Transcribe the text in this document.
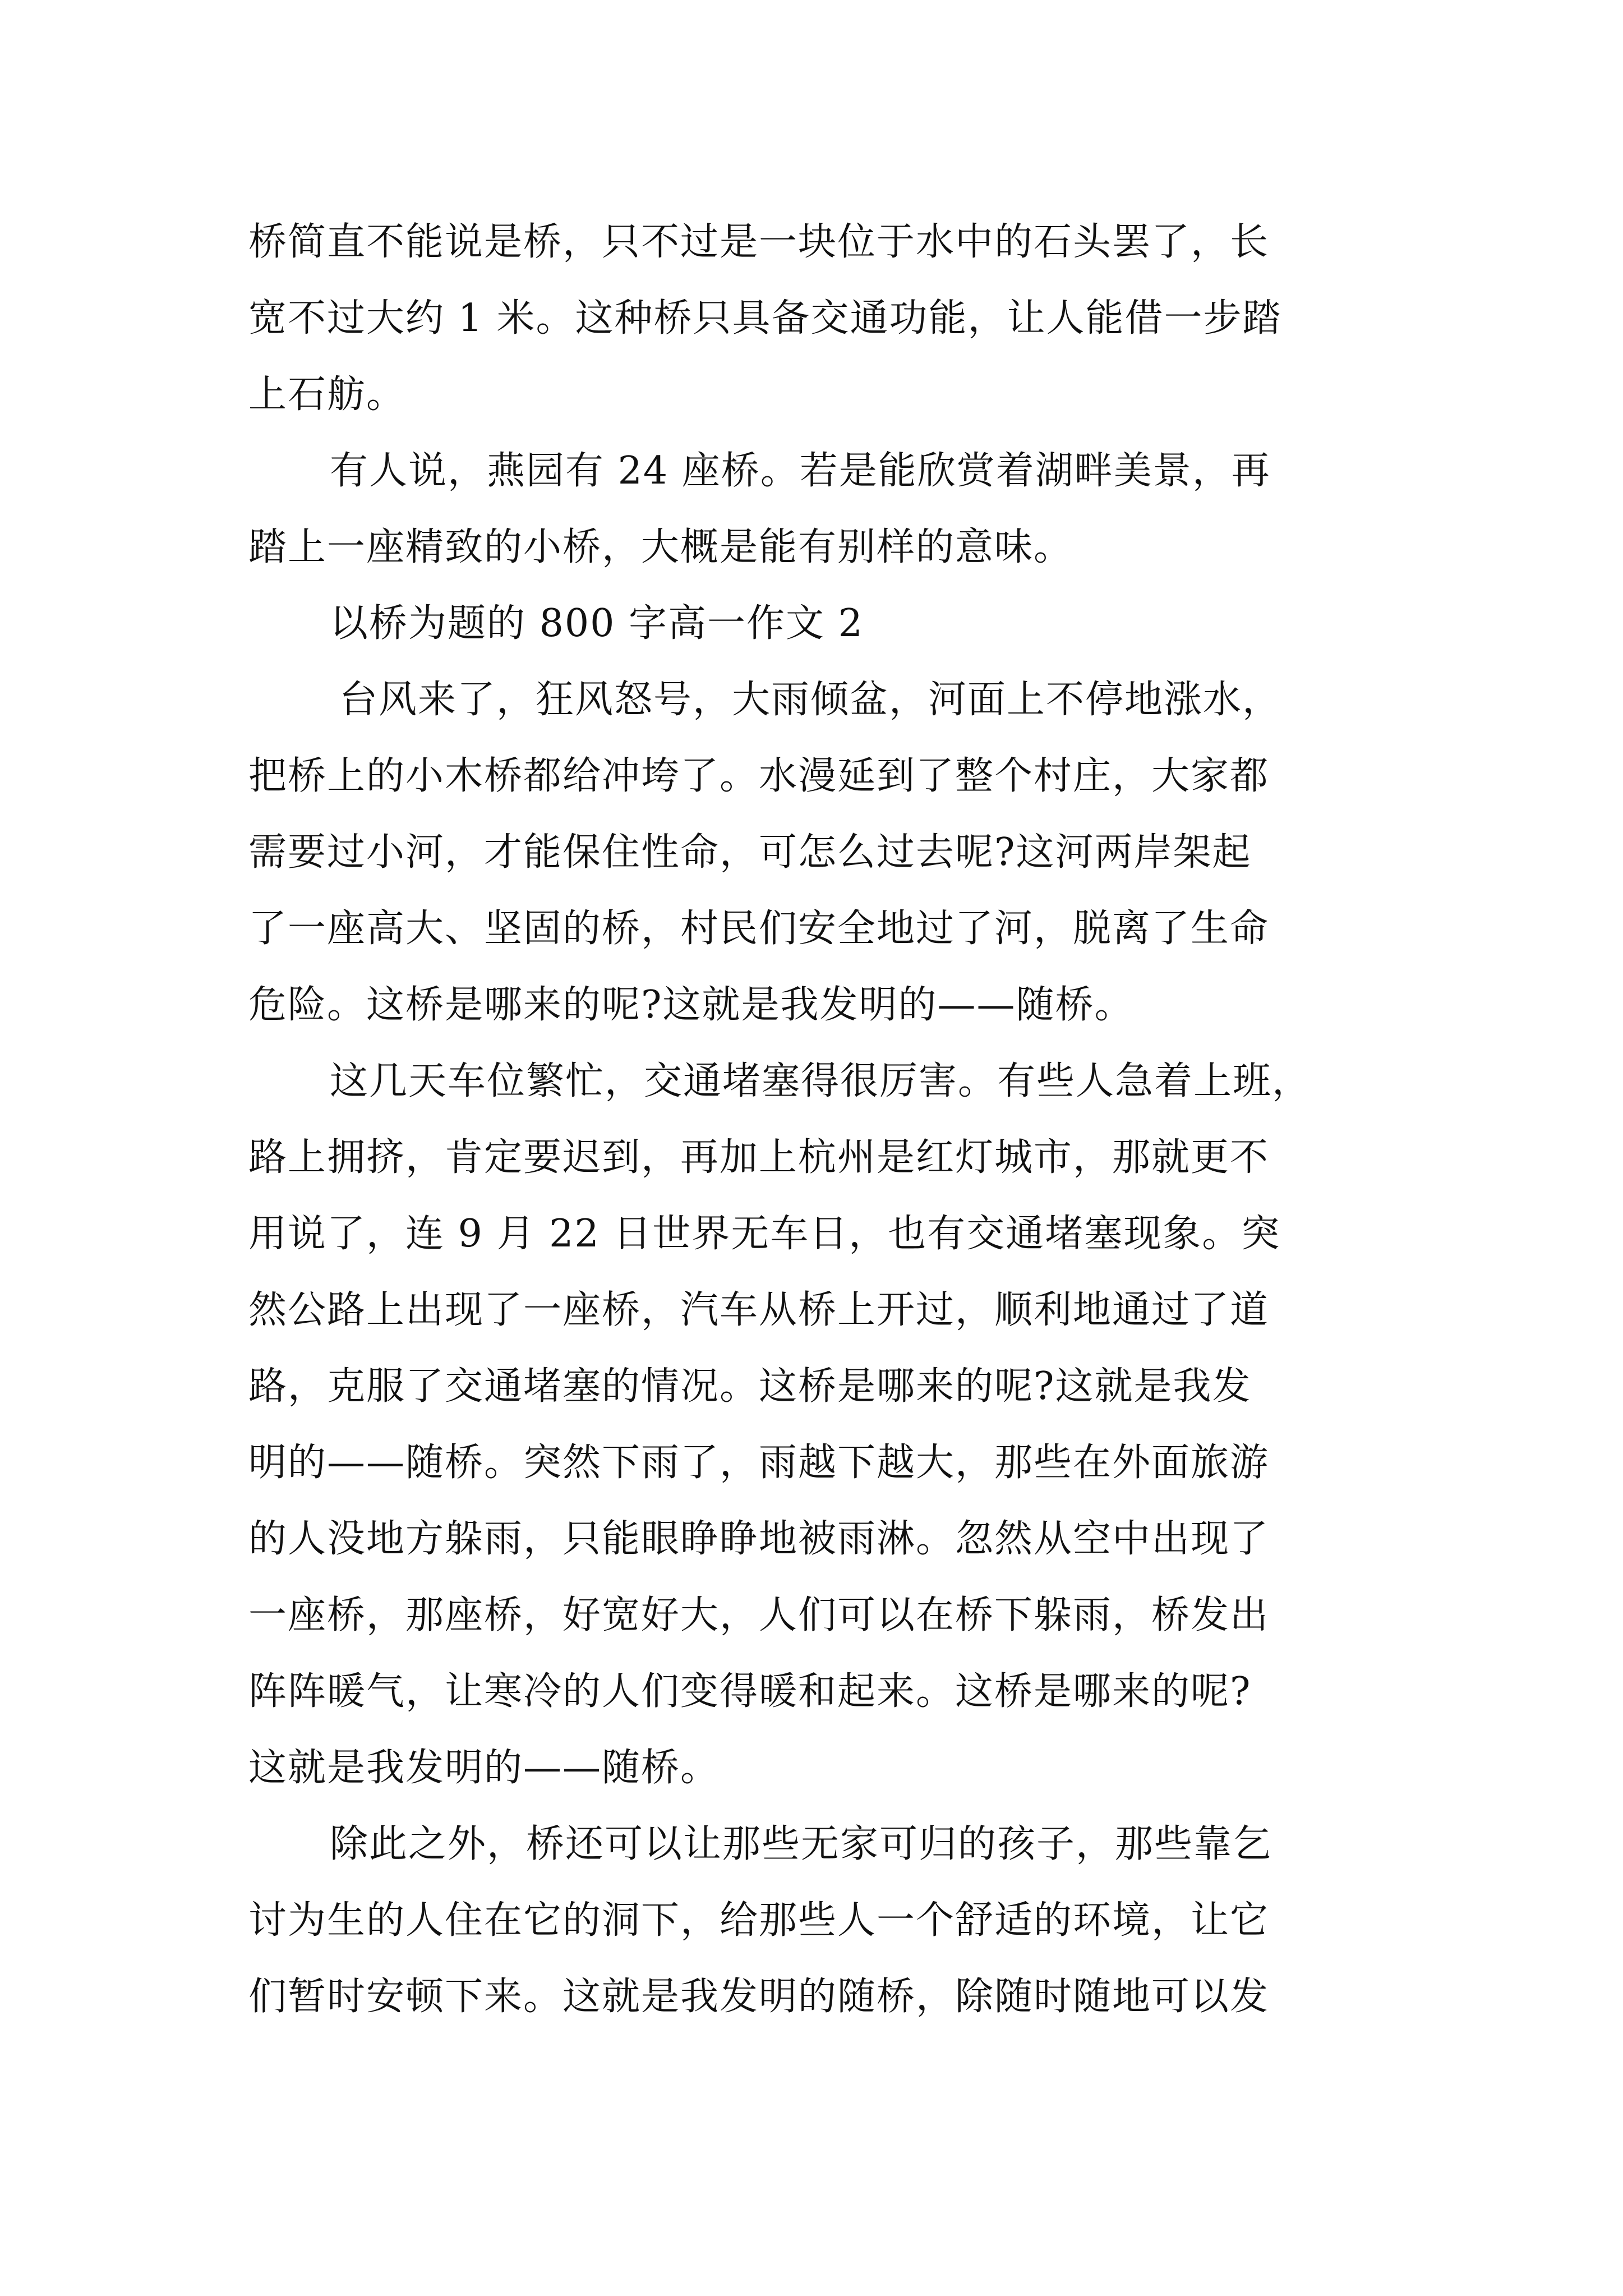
桥简直不能说是桥，只不过是一块位于水中的石头罢了，长
宽不过大约 1 米。这种桥只具备交通功能，让人能借一步踏
上石舫。
有人说，燕园有 24 座桥。若是能欣赏着湖畔美景，再
踏上一座精致的小桥，大概是能有别样的意味。
以桥为题的 800 字高一作文 2
台风来了，狂风怒号，大雨倾盆，河面上不停地涨水，
把桥上的小木桥都给冲垮了。水漫延到了整个村庄，大家都
需要过小河，才能保住性命，可怎么过去呢?这河两岸架起
了一座高大、坚固的桥，村民们安全地过了河，脱离了生命
危险。这桥是哪来的呢?这就是我发明的——随桥。
这几天车位繁忙，交通堵塞得很厉害。有些人急着上班，
路上拥挤，肯定要迟到，再加上杭州是红灯城市，那就更不
用说了，连 9 月 22 日世界无车日，也有交通堵塞现象。突
然公路上出现了一座桥，汽车从桥上开过，顺利地通过了道
路，克服了交通堵塞的情况。这桥是哪来的呢?这就是我发
明的——随桥。突然下雨了，雨越下越大，那些在外面旅游
的人没地方躲雨，只能眼睁睁地被雨淋。忽然从空中出现了
一座桥，那座桥，好宽好大，人们可以在桥下躲雨，桥发出
阵阵暖气，让寒冷的人们变得暖和起来。这桥是哪来的呢?
这就是我发明的——随桥。
除此之外，桥还可以让那些无家可归的孩子，那些靠乞
讨为生的人住在它的洞下，给那些人一个舒适的环境，让它
们暂时安顿下来。这就是我发明的随桥，除随时随地可以发
